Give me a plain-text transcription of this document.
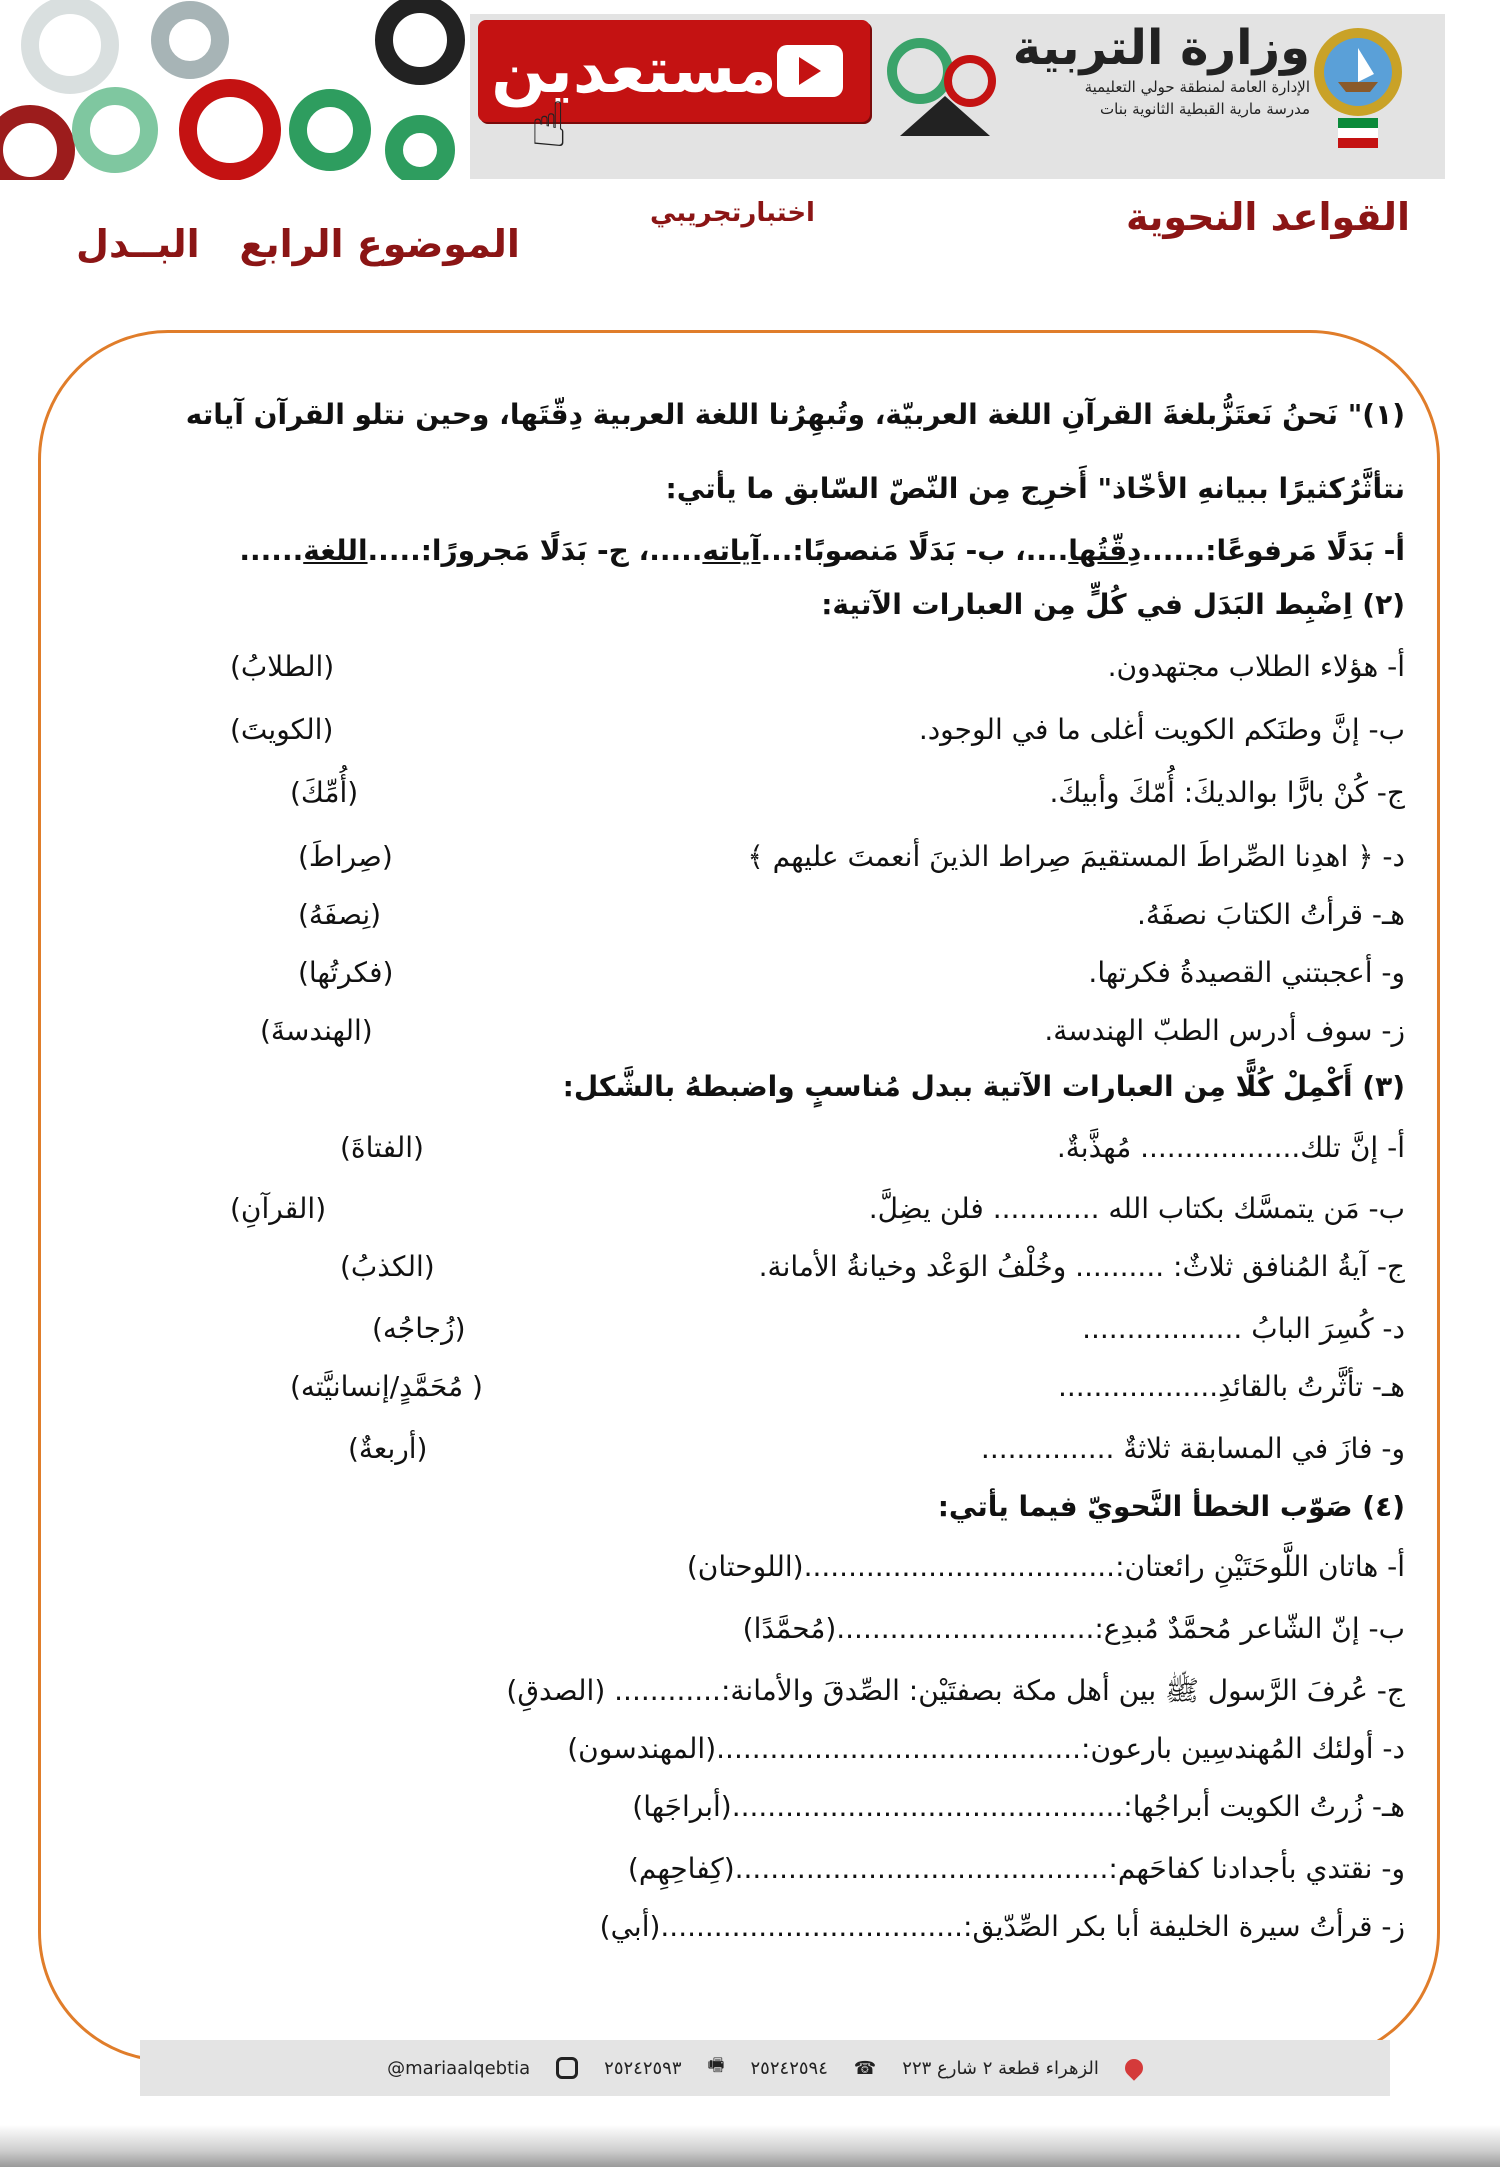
مستعدين
☝
وزارة التربية
الإدارة العامة لمنطقة حولي التعليمية
مدرسة مارية القبطية الثانوية بنات
القواعد النحوية
اختبارتجريبي
الموضوع الرابع   البــدل
(١)" نَحنُ نَعتَزُّبلغةَ القرآنِ اللغة العربيّة، وتُبهِرُنا اللغة العربية دِقّتَها، وحين نتلو القرآن آياته
نتأثَّرُكثيرًا ببيانهِ الأخّاذ" أَخرِج مِن النّصّ السّابق ما يأتي:
أ- بَدَلًا مَرفوعًا:......دِقّتُها....، ب- بَدَلًا مَنصوبًا:...آياته.....، ج- بَدَلًا مَجرورًا:.....اللغة......
(٢) اِضْبِط البَدَل في كُلٍّ مِن العبارات الآتية:
أ- هؤلاء الطلاب مجتهدون.
(الطلابُ)
ب- إنَّ وطنَكم الكويت أغلى ما في الوجود.
(الكويتَ)
ج- كُنْ بارًّا بوالديكَ: أُمّكَ وأبيكَ.
(أُمِّكَ)
د- ﴿ اهدِنا الصِّراطَ المستقيمَ صِراط الذينَ أنعمتَ عليهم ﴾
(صِراطَ)
هـ- قرأتُ الكتابَ نصفَهُ.
(نِصفَهُ)
و- أعجبتني القصيدةُ فكرتها.
(فكرتُها)
ز- سوف أدرس الطبّ الهندسة.
(الهندسةَ)
(٣) أَكْمِلْ كُلًّا مِن العبارات الآتية ببدل مُناسبٍ واضبطهُ بالشَّكل:
أ- إنَّ تلك.................. مُهذَّبةٌ.
(الفتاةَ)
ب- مَن يتمسَّك بكتاب الله ............ فلن يضِلَّ.
(القرآنِ)
ج- آيةُ المُنافق ثلاثٌ: .......... وخُلْفُ الوَعْد وخيانةُ الأمانة.
(الكذبُ)
د- كُسِرَ البابُ ..................
(زُجاجُه)
هـ- تأثَّرتُ بالقائدِ..................
( مُحَمَّدٍ/إنسانيَّته)
و- فازَ في المسابقة ثلاثةٌ ...............
(أربعةٌ)
(٤) صَوّب الخطأ النَّحويّ فيما يأتي:
أ- هاتان اللَّوحَتَيْنِ رائعتان:...................................(اللوحتان)
ب- إنّ الشّاعر مُحمَّدٌ مُبدِع:.............................(مُحمَّدًا)
ج- عُرفَ الرَّسول ﷺ بين أهل مكة بصفتَيْن: الصِّدقَ والأمانة:............ (الصدقِ)
د- أولئك المُهندسِين بارعون:.........................................(المهندسون)
هـ- زُرتُ الكويت أبراجُها:............................................(أبراجَها)
و- نقتدي بأجدادنا كفاحَهم:..........................................(كِفاحِهِم)
ز- قرأتُ سيرة الخليفة أبا بكر الصِّدّيق:..................................(أبي)
@mariaalqebtia	٢٥٢٤٢٥٩٣ 🖷 ٢٥٢٤٢٥٩٤ ☎ الزهراء قطعة ٢ شارع ٢٢٣
